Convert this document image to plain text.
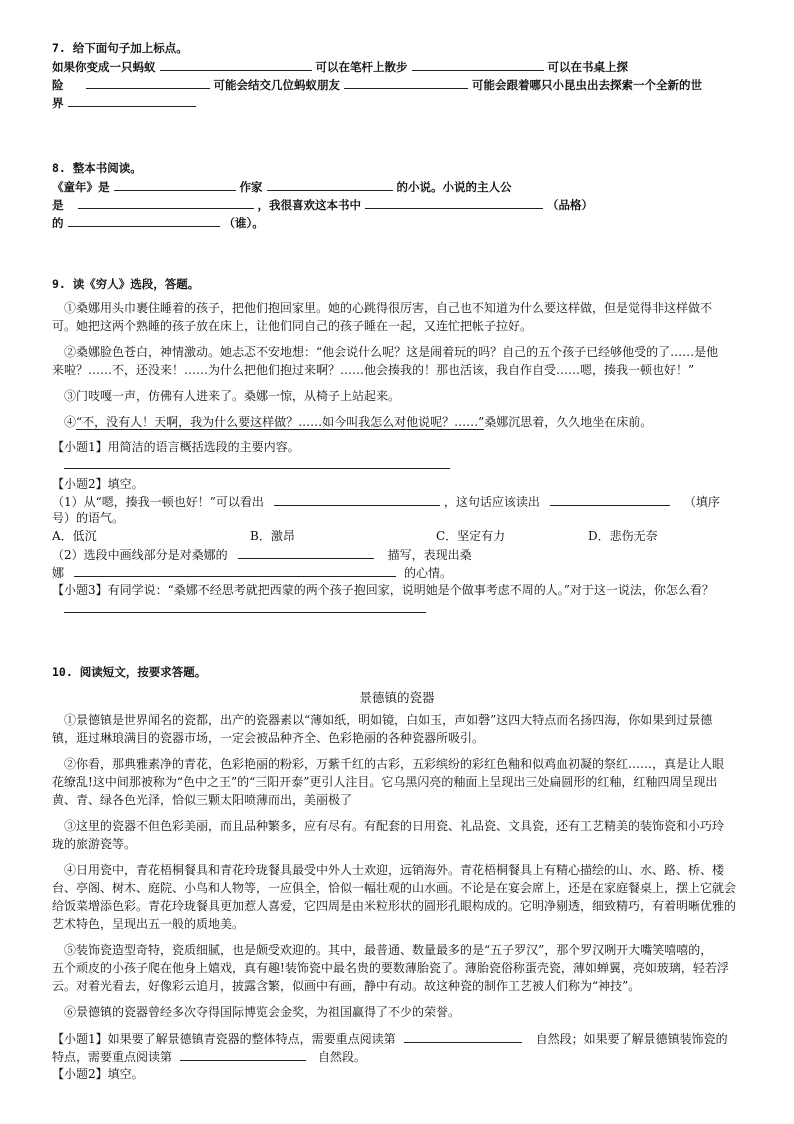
7. 给下面句子加上标点。
如果你变成一只蚂蚁	可以在笔杆上散步	可以在书桌上探
险	可能会结交几位蚂蚁朋友	可能会跟着哪只小昆虫出去探索一个全新的世
界
8. 整本书阅读。
《童年》是	作家	的小说。小说的主人公
是	，我很喜欢这本书中	（品格）
的	（谁）。
9. 读《穷人》选段，答题。
①桑娜用头巾裹住睡着的孩子，把他们抱回家里。她的心跳得很厉害，自己也不知道为什么要这样做，但是觉得非这样做不
可。她把这两个熟睡的孩子放在床上，让他们同自己的孩子睡在一起，又连忙把帐子拉好。
②桑娜脸色苍白，神情激动。她忐忑不安地想：“他会说什么呢？这是闹着玩的吗？自己的五个孩子已经够他受的了……是他
来啦？……不，还没来！……为什么把他们抱过来啊？……他会揍我的！那也活该，我自作自受……嗯，揍我一顿也好！”
③门吱嘎一声，仿佛有人进来了。桑娜一惊，从椅子上站起来。
④“不，没有人！天啊，我为什么要这样做？……如今叫我怎么对他说呢？……”桑娜沉思着，久久地坐在床前。
【小题1】用简洁的语言概括选段的主要内容。
【小题2】填空。
（1）从“嗯，揍我一顿也好！”可以看出	，这句话应该读出	（填序
号）的语气。
A．低沉	B．激昂	C．坚定有力	D．悲伤无奈
（2）选段中画线部分是对桑娜的	描写，表现出桑
娜	的心情。
【小题3】有同学说：“桑娜不经思考就把西蒙的两个孩子抱回家，说明她是个做事考虑不周的人。”对于这一说法，你怎么看？
10. 阅读短文，按要求答题。
景德镇的瓷器
①景德镇是世界闻名的瓷都，出产的瓷器素以“薄如纸，明如镜，白如玉，声如磬”这四大特点而名扬四海，你如果到过景德
镇，逛过琳琅满目的瓷器市场，一定会被品种齐全、色彩艳丽的各种瓷器所吸引。
②你看，那典雅素净的青花，色彩艳丽的粉彩，万紫千红的古彩，五彩缤纷的彩红色釉和似鸡血初凝的祭红……，真是让人眼
花缭乱!这中间那被称为“色中之王”的“三阳开泰”更引人注目。它乌黑闪亮的釉面上呈现出三处扁圆形的红釉，红釉四周呈现出
黄、青、绿各色光泽，恰似三颗太阳喷薄而出，美丽极了
③这里的瓷器不但色彩美丽，而且品种繁多，应有尽有。有配套的日用瓷、礼品瓷、文具瓷，还有工艺精美的装饰瓷和小巧玲
珑的旅游瓷等。
④日用瓷中，青花梧桐餐具和青花玲珑餐具最受中外人士欢迎，远销海外。青花梧桐餐具上有精心描绘的山、水、路、桥、楼
台、亭阁、树木、庭院、小鸟和人物等，一应俱全，恰似一幅壮观的山水画。不论是在宴会席上，还是在家庭餐桌上，摆上它就会
给饭菜增添色彩。青花玲珑餐具更加惹人喜爱，它四周是由米粒形状的圆形孔眼构成的。它明净剔透，细致精巧，有着明晰优雅的
艺术特色，呈现出五一般的质地美。
⑤装饰瓷造型奇特，瓷质细腻，也是颇受欢迎的。其中，最普通、数量最多的是“五子罗汉”，那个罗汉咧开大嘴笑嘻嘻的，
五个顽皮的小孩子爬在他身上嬉戏，真有趣!装饰瓷中最名贵的要数薄胎瓷了。薄胎瓷俗称蛋壳瓷，薄如蝉翼，亮如玻璃，轻若浮
云。对着光看去，好像彩云追月，披露含繁，似画中有画，静中有动。故这种瓷的制作工艺被人们称为“神技”。
⑥景德镇的瓷器曾经多次夺得国际博览会金奖，为祖国赢得了不少的荣誉。
【小题1】如果要了解景德镇青瓷器的整体特点，需要重点阅读第	自然段；如果要了解景德镇装饰瓷的
特点，需要重点阅读第	自然段。
【小题2】填空。
